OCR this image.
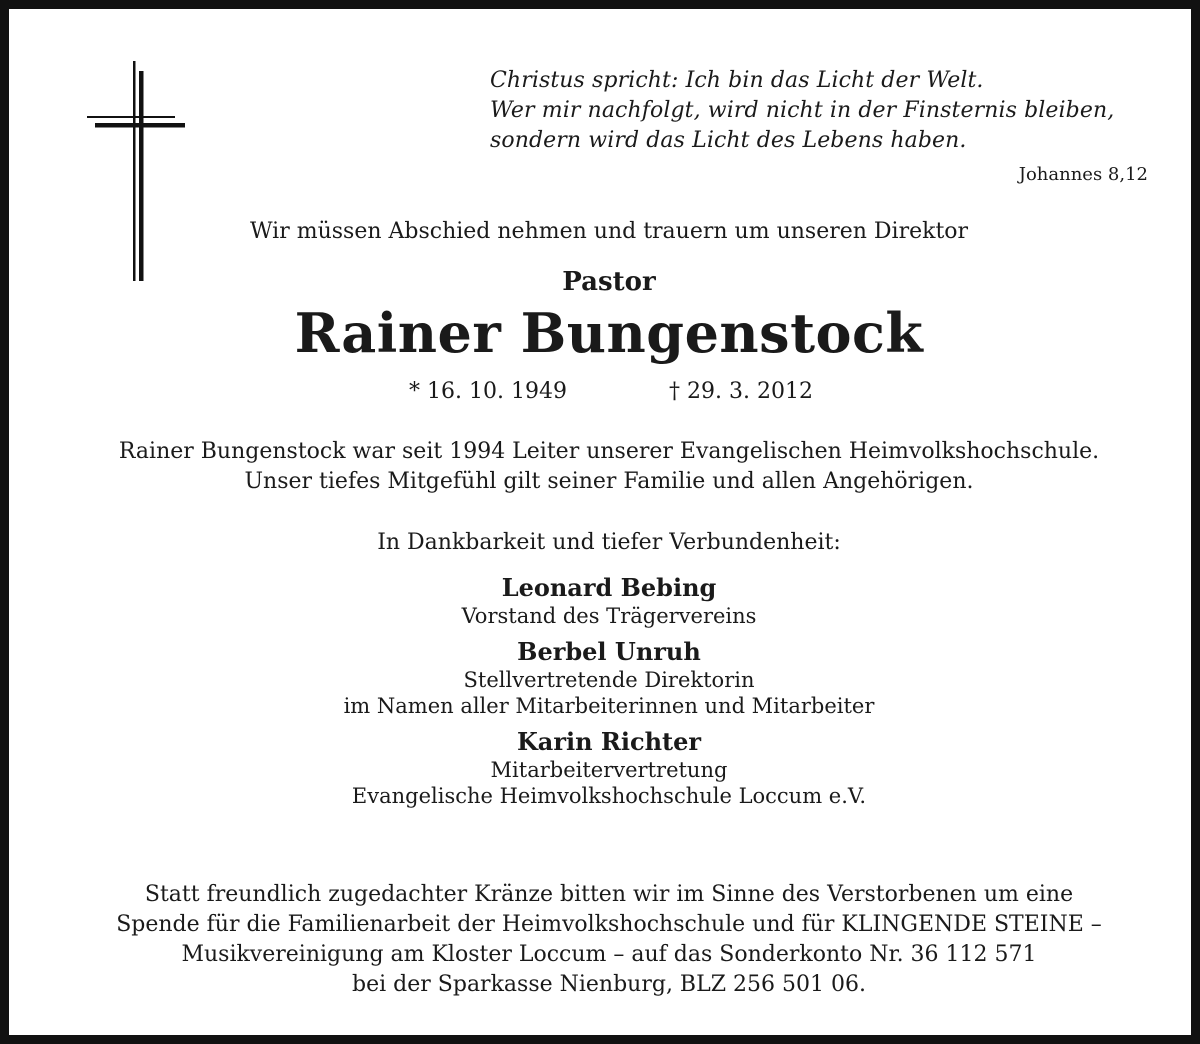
Christus spricht: Ich bin das Licht der Welt.
Wer mir nachfolgt, wird nicht in der Finsternis bleiben,
sondern wird das Licht des Lebens haben.
Johannes 8,12
Wir müssen Abschied nehmen und trauern um unseren Direktor
Pastor
Rainer Bungenstock
* 16. 10. 1949	† 29. 3. 2012
Rainer Bungenstock war seit 1994 Leiter unserer Evangelischen Heimvolkshochschule.
Unser tiefes Mitgefühl gilt seiner Familie und allen Angehörigen.
In Dankbarkeit und tiefer Verbundenheit:
Leonard Bebing
Vorstand des Trägervereins
Berbel Unruh
Stellvertretende Direktorin
im Namen aller Mitarbeiterinnen und Mitarbeiter
Karin Richter
Mitarbeitervertretung
Evangelische Heimvolkshochschule Loccum e.V.
Statt freundlich zugedachter Kränze bitten wir im Sinne des Verstorbenen um eine
Spende für die Familienarbeit der Heimvolkshochschule und für KLINGENDE STEINE –
Musikvereinigung am Kloster Loccum – auf das Sonderkonto Nr. 36 112 571
bei der Sparkasse Nienburg, BLZ 256 501 06.
